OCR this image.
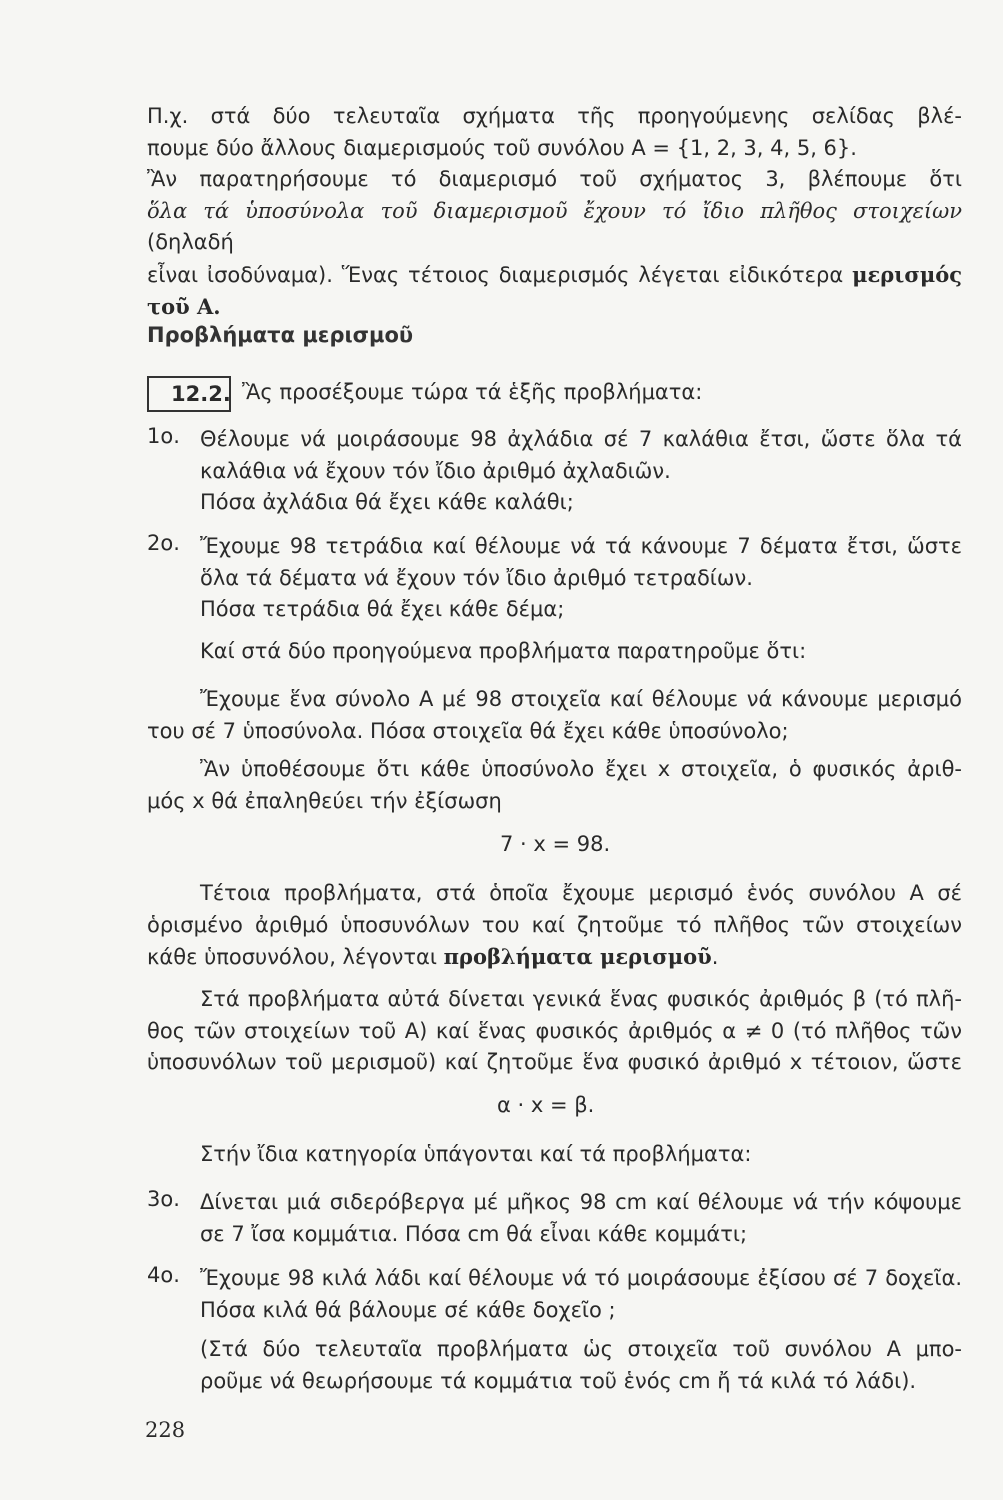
Π.χ. στά δύο τελευταῖα σχήματα τῆς προηγούμενης σελίδας βλέ-
πουμε δύο ἄλλους διαμερισμούς τοῦ συνόλου A = {1, 2, 3, 4, 5, 6}.
Ἂν παρατηρήσουμε τό διαμερισμό τοῦ σχήματος 3, βλέπουμε ὅτι
ὅλα τά ὑποσύνολα τοῦ διαμερισμοῦ ἔχουν τό ἴδιο πλῆθος στοιχείων (δηλαδή
εἶναι ἰσοδύναμα). Ἕνας τέτοιος διαμερισμός λέγεται εἰδικότερα μερισμός
τοῦ A.
Προβλήματα μερισμοῦ
12.2. Ἂς προσέξουμε τώρα τά ἑξῆς προβλήματα:
1ο. Θέλουμε νά μοιράσουμε 98 ἀχλάδια σέ 7 καλάθια ἔτσι, ὥστε ὅλα τά
καλάθια νά ἔχουν τόν ἴδιο ἀριθμό ἀχλαδιῶν.
Πόσα ἀχλάδια θά ἔχει κάθε καλάθι;
2ο. Ἔχουμε 98 τετράδια καί θέλουμε νά τά κάνουμε 7 δέματα ἔτσι, ὥστε
ὅλα τά δέματα νά ἔχουν τόν ἴδιο ἀριθμό τετραδίων.
Πόσα τετράδια θά ἔχει κάθε δέμα;
Καί στά δύο προηγούμενα προβλήματα παρατηροῦμε ὅτι:
Ἔχουμε ἕνα σύνολο A μέ 98 στοιχεῖα καί θέλουμε νά κάνουμε μερισμό
του σέ 7 ὑποσύνολα. Πόσα στοιχεῖα θά ἔχει κάθε ὑποσύνολο;
Ἂν ὑποθέσουμε ὅτι κάθε ὑποσύνολο ἔχει x στοιχεῖα, ὁ φυσικός ἀριθ-
μός x θά ἐπαληθεύει τήν ἐξίσωση
7 · x = 98.
Τέτοια προβλήματα, στά ὁποῖα ἔχουμε μερισμό ἑνός συνόλου A σέ
ὁρισμένο ἀριθμό ὑποσυνόλων του καί ζητοῦμε τό πλῆθος τῶν στοιχείων
κάθε ὑποσυνόλου, λέγονται προβλήματα μερισμοῦ.
Στά προβλήματα αὐτά δίνεται γενικά ἕνας φυσικός ἀριθμός β (τό πλῆ-
θος τῶν στοιχείων τοῦ A) καί ἕνας φυσικός ἀριθμός α ≠ 0 (τό πλῆθος τῶν
ὑποσυνόλων τοῦ μερισμοῦ) καί ζητοῦμε ἕνα φυσικό ἀριθμό x τέτοιον, ὥστε
α · x = β.
Στήν ἴδια κατηγορία ὑπάγονται καί τά προβλήματα:
3ο. Δίνεται μιά σιδερόβεργα μέ μῆκος 98 cm καί θέλουμε νά τήν κόψουμε
σε 7 ἴσα κομμάτια. Πόσα cm θά εἶναι κάθε κομμάτι;
4ο. Ἔχουμε 98 κιλά λάδι καί θέλουμε νά τό μοιράσουμε ἐξίσου σέ 7 δοχεῖα.
Πόσα κιλά θά βάλουμε σέ κάθε δοχεῖο ;
(Στά δύο τελευταῖα προβλήματα ὡς στοιχεῖα τοῦ συνόλου A μπο-
ροῦμε νά θεωρήσουμε τά κομμάτια τοῦ ἑνός cm ἤ τά κιλά τό λάδι).
228
